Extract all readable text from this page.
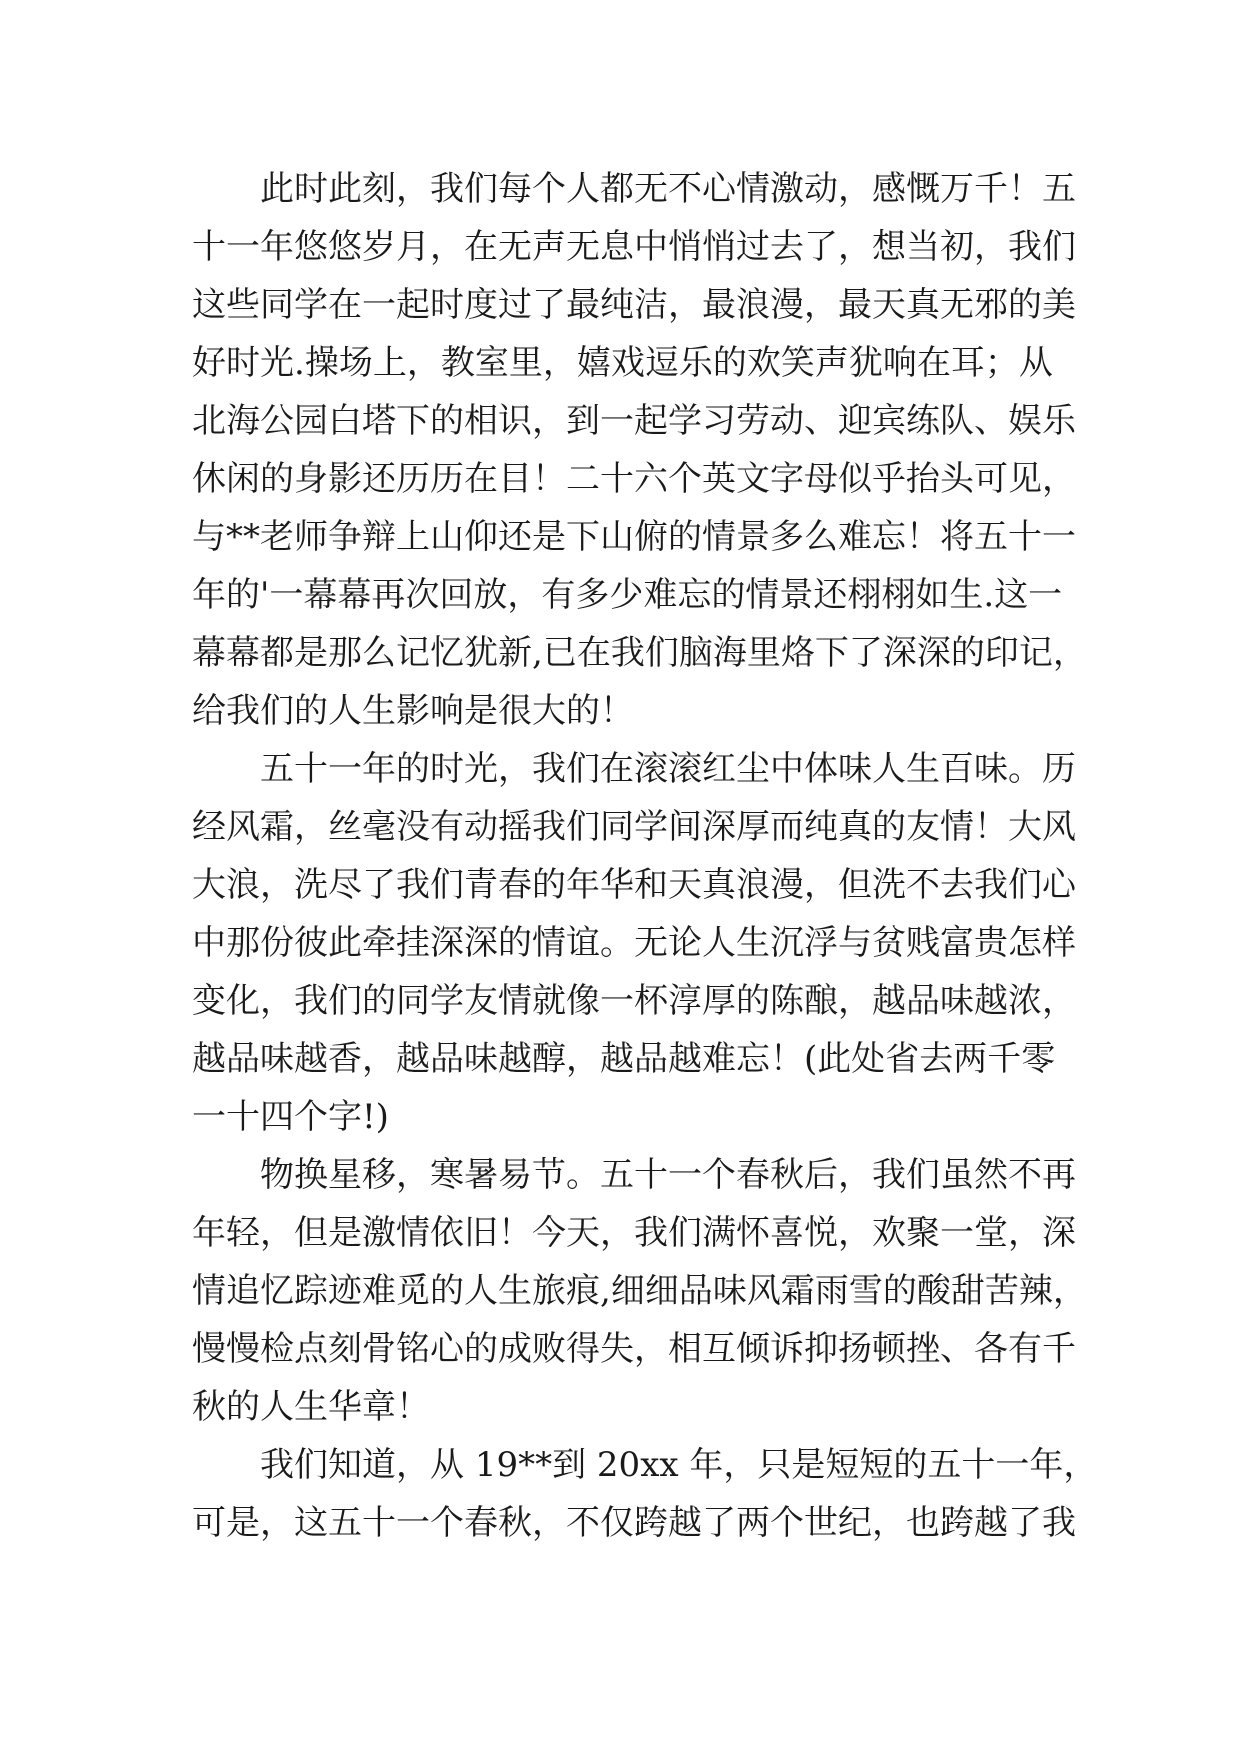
此 时 此 刻 ， 我 们 每 个 人 都 无 不 心 情 激 动 ， 感 慨 万 千 ！ 五
十 一 年 悠 悠 岁 月 ， 在 无 声 无 息 中 悄 悄 过 去 了 ， 想 当 初 ， 我 们
这 些 同 学 在 一 起 时 度 过 了 最 纯 洁 ， 最 浪 漫 ， 最 天 真 无 邪 的 美
好 时 光 . 操 场 上 ， 教 室 里 ， 嬉 戏 逗 乐 的 欢 笑 声 犹 响 在 耳 ； 从
北 海 公 园 白 塔 下 的 相 识 ， 到 一 起 学 习 劳 动 、 迎 宾 练 队 、 娱 乐
休 闲 的 身 影 还 历 历 在 目 ！ 二 十 六 个 英 文 字 母 似 乎 抬 头 可 见 ，
与 * * 老 师 争 辩 上 山 仰 还 是 下 山 俯 的 情 景 多 么 难 忘 ！ 将 五 十 一
年 的 ' 一 幕 幕 再 次 回 放 ， 有 多 少 难 忘 的 情 景 还 栩 栩 如 生 . 这 一
幕 幕 都 是 那 么 记 忆 犹 新 , 已 在 我 们 脑 海 里 烙 下 了 深 深 的 印 记 ，
给我们的人生影响是很大的！
五 十 一 年 的 时 光 ， 我 们 在 滚 滚 红 尘 中 体 味 人 生 百 味 。 历
经 风 霜 ， 丝 毫 没 有 动 摇 我 们 同 学 间 深 厚 而 纯 真 的 友 情 ！ 大 风
大 浪 ， 洗 尽 了 我 们 青 春 的 年 华 和 天 真 浪 漫 ， 但 洗 不 去 我 们 心
中 那 份 彼 此 牵 挂 深 深 的 情 谊 。 无 论 人 生 沉 浮 与 贫 贱 富 贵 怎 样
变 化 ， 我 们 的 同 学 友 情 就 像 一 杯 淳 厚 的 陈 酿 ， 越 品 味 越 浓 ，
越 品 味 越 香 ， 越 品 味 越 醇 ， 越 品 越 难 忘 ！ ( 此 处 省 去 两 千 零
一十四个字!)
物 换 星 移 ， 寒 暑 易 节 。 五 十 一 个 春 秋 后 ， 我 们 虽 然 不 再
年 轻 ， 但 是 激 情 依 旧 ！ 今 天 ， 我 们 满 怀 喜 悦 ， 欢 聚 一 堂 ， 深
情 追 忆 踪 迹 难 觅 的 人 生 旅 痕 , 细 细 品 味 风 霜 雨 雪 的 酸 甜 苦 辣 ，
慢 慢 检 点 刻 骨 铭 心 的 成 败 得 失 ， 相 互 倾 诉 抑 扬 顿 挫 、 各 有 千
秋的人生华章！
我 们 知 道 ， 从
1 9 * * 到
2 0 x x
年 ， 只 是 短 短 的 五 十 一 年 ，
可 是 ， 这 五 十 一 个 春 秋 ， 不 仅 跨 越 了 两 个 世 纪 ， 也 跨 越 了 我
